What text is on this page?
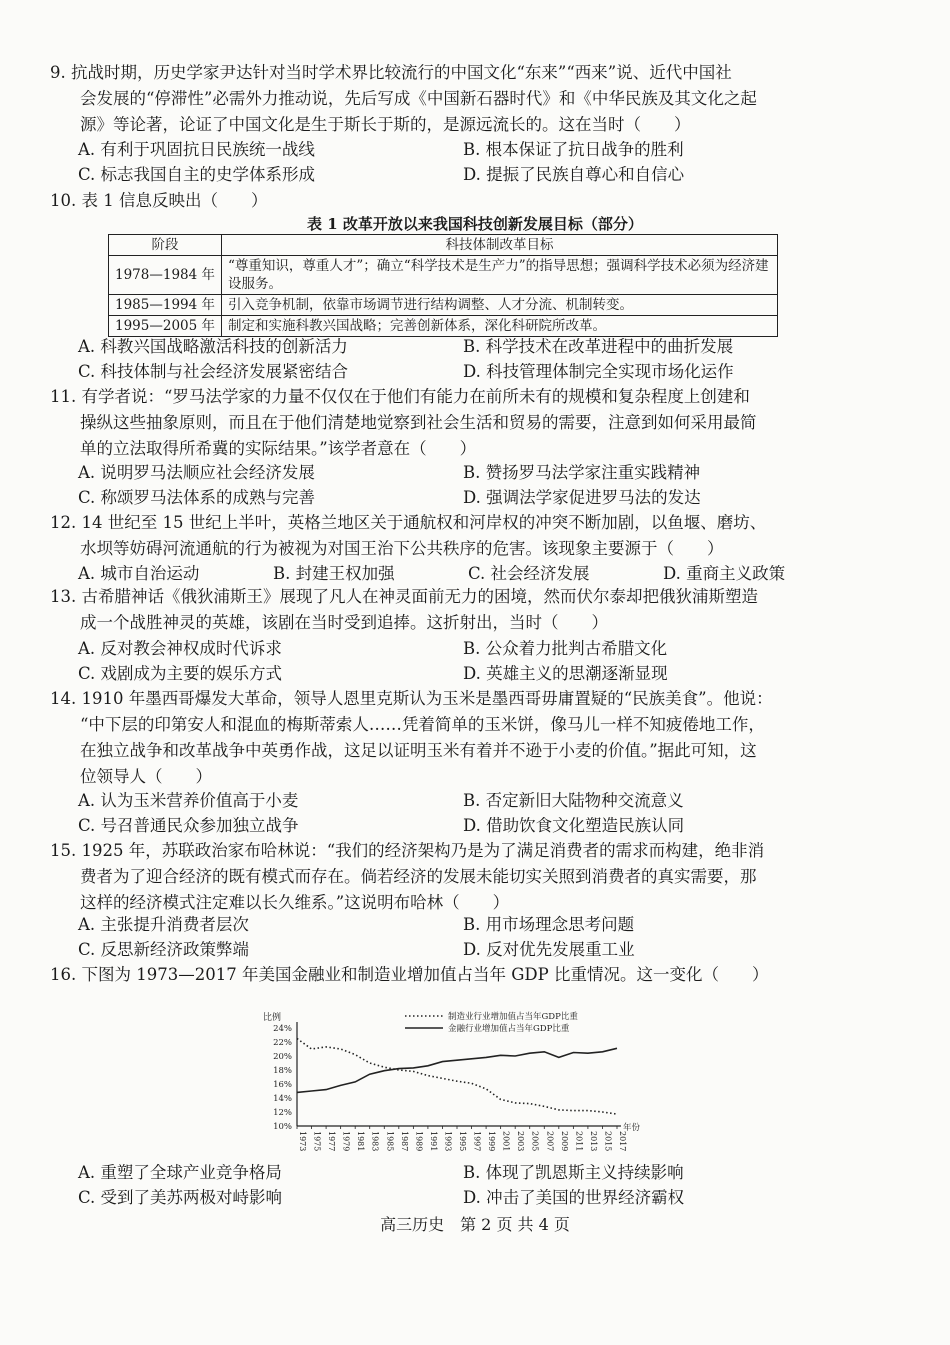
9. 抗战时期，历史学家尹达针对当时学术界比较流行的中国文化“东来”“西来”说、近代中国社

会发展的“停滞性”必需外力推动说，先后写成《中国新石器时代》和《中华民族及其文化之起

源》等论著，论证了中国文化是生于斯长于斯的，是源远流长的。这在当时（　　）

A. 有利于巩固抗日民族统一战线	B. 根本保证了抗日战争的胜利
C. 标志我国自主的史学体系形成	D. 提振了民族自尊心和自信心

10. 表 1 信息反映出（　　）

表 1 改革开放以来我国科技创新发展目标（部分）
阶段	科技体制改革目标
1978—1984 年	“尊重知识，尊重人才”；确立“科学技术是生产力”的指导思想；强调科学技术必须为经济建设服务。
1985—1994 年	引入竞争机制，依靠市场调节进行结构调整、人才分流、机制转变。
1995—2005 年	制定和实施科教兴国战略；完善创新体系，深化科研院所改革。
A. 科教兴国战略激活科技的创新活力	B. 科学技术在改革进程中的曲折发展
C. 科技体制与社会经济发展紧密结合	D. 科技管理体制完全实现市场化运作

11. 有学者说：“罗马法学家的力量不仅仅在于他们有能力在前所未有的规模和复杂程度上创建和

操纵这些抽象原则，而且在于他们清楚地觉察到社会生活和贸易的需要，注意到如何采用最简

单的立法取得所希冀的实际结果。”该学者意在（　　）

A. 说明罗马法顺应社会经济发展	B. 赞扬罗马法学家注重实践精神
C. 称颂罗马法体系的成熟与完善	D. 强调法学家促进罗马法的发达

12. 14 世纪至 15 世纪上半叶，英格兰地区关于通航权和河岸权的冲突不断加剧，以鱼堰、磨坊、

水坝等妨碍河流通航的行为被视为对国王治下公共秩序的危害。该现象主要源于（　　）

A. 城市自治运动	B. 封建王权加强	C. 社会经济发展	D. 重商主义政策

13. 古希腊神话《俄狄浦斯王》展现了凡人在神灵面前无力的困境，然而伏尔泰却把俄狄浦斯塑造

成一个战胜神灵的英雄，该剧在当时受到追捧。这折射出，当时（　　）

A. 反对教会神权成时代诉求	B. 公众着力批判古希腊文化
C. 戏剧成为主要的娱乐方式	D. 英雄主义的思潮逐渐显现

14. 1910 年墨西哥爆发大革命，领导人恩里克斯认为玉米是墨西哥毋庸置疑的“民族美食”。他说：

“中下层的印第安人和混血的梅斯蒂索人……凭着简单的玉米饼，像马儿一样不知疲倦地工作，

在独立战争和改革战争中英勇作战，这足以证明玉米有着并不逊于小麦的价值。”据此可知，这

位领导人（　　）

A. 认为玉米营养价值高于小麦	B. 否定新旧大陆物种交流意义
C. 号召普通民众参加独立战争	D. 借助饮食文化塑造民族认同

15. 1925 年，苏联政治家布哈林说：“我们的经济架构乃是为了满足消费者的需求而构建，绝非消

费者为了迎合经济的既有模式而存在。倘若经济的发展未能切实关照到消费者的真实需要，那

这样的经济模式注定难以长久维系。”这说明布哈林（　　）

A. 主张提升消费者层次	B. 用市场理念思考问题
C. 反思新经济政策弊端	D. 反对优先发展重工业

16. 下图为 1973—2017 年美国金融业和制造业增加值占当年 GDP 比重情况。这一变化（　　）

比例
24%
22%
20%
18%
16%
14%
12%
10%
1973 1975 1977 1979 1981 1983 1985 1987 1989 1991 1993 1995 1997 1999 2001 2003 2005 2007 2009 2011 2013 2015 2017
年份
制造业行业增加值占当年GDP比重
金融行业增加值占当年GDP比重
A. 重塑了全球产业竞争格局	B. 体现了凯恩斯主义持续影响
C. 受到了美苏两极对峙影响	D. 冲击了美国的世界经济霸权
高三历史　第 2 页 共 4 页
